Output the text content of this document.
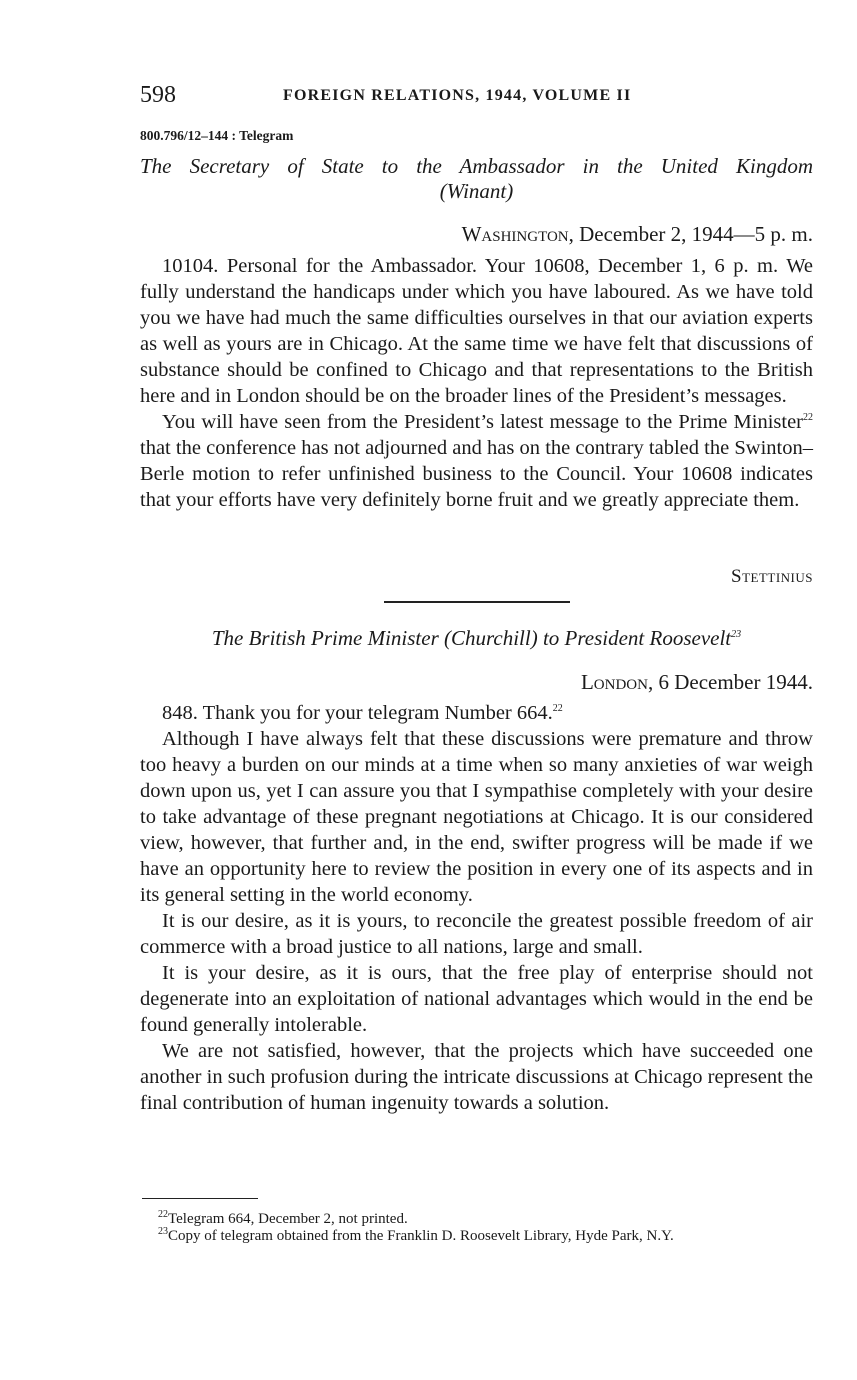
598	FOREIGN RELATIONS, 1944, VOLUME II
800.796/12–144 : Telegram
The Secretary of State to the Ambassador in the United Kingdom
(Winant)
Washington, December 2, 1944—5 p. m.

10104. Personal for the Ambassador. Your 10608, December 1, 6 p. m. We fully understand the handicaps under which you have laboured. As we have told you we have had much the same difficulties ourselves in that our aviation experts as well as yours are in Chicago. At the same time we have felt that discussions of substance should be confined to Chicago and that representations to the British here and in London should be on the broader lines of the President’s messages.

You will have seen from the President’s latest message to the Prime Minister$^{22}$ that the conference has not adjourned and has on the contrary tabled the Swinton–Berle motion to refer unfinished business to the Council. Your 10608 indicates that your efforts have very definitely borne fruit and we greatly appreciate them.

Stettinius
The British Prime Minister (Churchill) to President Roosevelt$^{23}$
London, 6 December 1944.

848. Thank you for your telegram Number 664.22

Although I have always felt that these discussions were premature and throw too heavy a burden on our minds at a time when so many anxieties of war weigh down upon us, yet I can assure you that I sympathise completely with your desire to take advantage of these pregnant negotiations at Chicago. It is our considered view, however, that further and, in the end, swifter progress will be made if we have an opportunity here to review the position in every one of its aspects and in its general setting in the world economy.

It is our desire, as it is yours, to reconcile the greatest possible freedom of air commerce with a broad justice to all nations, large and small.

It is your desire, as it is ours, that the free play of enterprise should not degenerate into an exploitation of national advantages which would in the end be found generally intolerable.

We are not satisfied, however, that the projects which have succeeded one another in such profusion during the intricate discussions at Chicago represent the final contribution of human ingenuity towards a solution.

$^{22}$Telegram 664, December 2, not printed.

$^{23}$Copy of telegram obtained from the Franklin D. Roosevelt Library, Hyde Park, N.Y.
